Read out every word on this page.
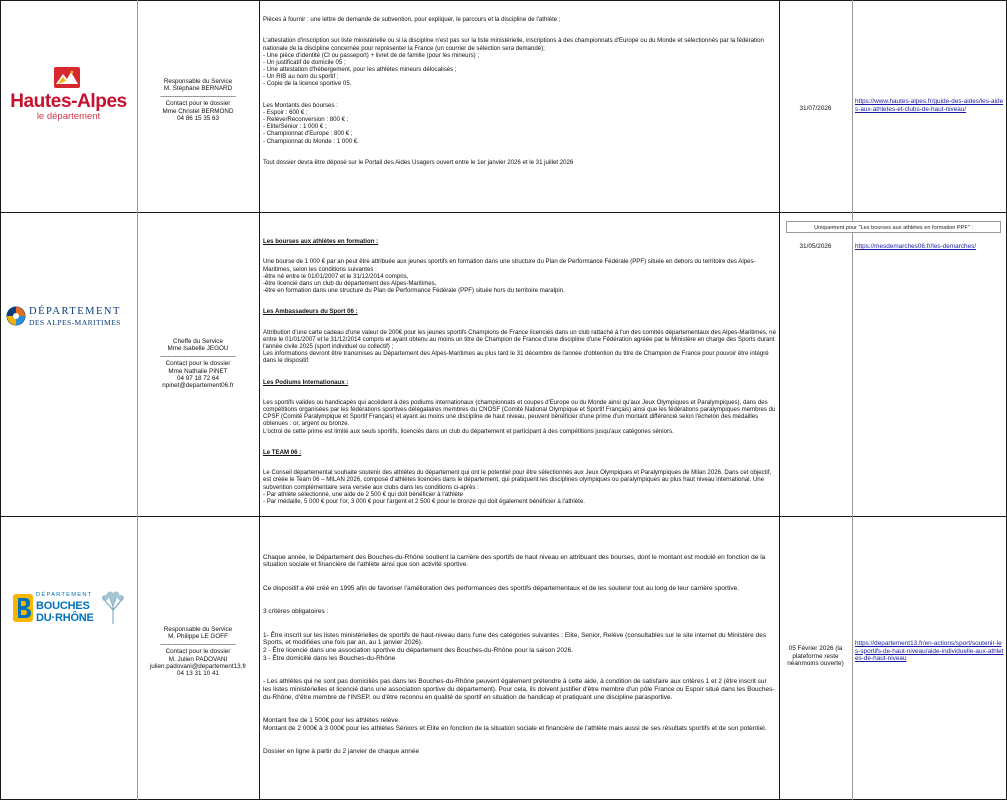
Hautes-Alpes
le département
Responsable du Service
M. Stéphane BERNARD
------------------------------------------
Contact pour le dossier
Mme Christel BERMOND
04 86 15 35 63

Pièces à fournir : une lettre de demande de subvention, pour expliquer, le parcours et la discipline de l'athlète ;

L'attestation d'inscription sur liste ministérielle ou si la discipline n'est pas sur la liste ministérielle, inscriptions à des championnats d'Europe ou du Monde et sélectionnés par la fédération nationale de la discipline concernée pour représenter la France (un courrier de sélection sera demandé);
- Une pièce d'identité (CI ou passeport) + livret de de famille (pour les mineurs) ;
- Un justificatif de domicile 05 ;
- Une attestation d'hébergement, pour les athlètes mineurs délocalisés ;
- Un RIB au nom du sportif ;
- Copie de la licence sportive 05.

Les Montants des bourses :
- Espoir : 600 € ;
- Relève/Reconversion : 800 € ;
- Elite/Sénior : 1 000 € ;
- Championnat d'Europe : 800 € ;
- Championnat du Monde : 1 000 €.

Tout dossier devra être déposé sur le Portail des Aides Usagers ouvert entre le 1er janvier 2026 et le 31 juillet 2026

31/07/2026
https://www.hautes-alpes.fr/guide-des-aides/les-aides-aux-athletes-et-clubs-de-haut-niveau/
DÉPARTEMENT
DES ALPES-MARITIMES
Cheffe du Service
Mme Isabelle JEGOU
------------------------------------------
Contact pour le dossier
Mme Nathalie PINET
04 97 18 72 64
npinet@departement06.fr

Les bourses aux athlètes en formation :

Une bourse de 1 000 € par an peut être attribuée aux jeunes sportifs en formation dans une structure du Plan de Performance Fédérale (PPF) située en dehors du territoire des Alpes-Maritimes, selon les conditions suivantes :
-être né entre le 01/01/2007 et le 31/12/2014 compris,
-être licencié dans un club du département des Alpes-Maritimes,
-être en formation dans une structure du Plan de Performance Fédérale (PPF) située hors du territoire maralpin.

Les Ambassadeurs du Sport 06 :

Attribution d'une carte cadeau d'une valeur de 200€ pour les jeunes sportifs Champions de France licenciés dans un club rattaché à l'un des comités départementaux des Alpes-Maritimes, né entre le 01/01/2007 et le 31/12/2014 compris et ayant obtenu au moins un titre de Champion de France d'une discipline d'une Fédération agréée par le Ministère en charge des Sports durant l'année civile 2025 (sport individuel ou collectif) ;
Les informations devront être transmises au Département des Alpes-Maritimes au plus tard le 31 décembre de l'année d'obtention du titre de Champion de France pour pouvoir être intégré dans le dispositif.

Les Podiums Internationaux :

Les sportifs valides ou handicapés qui accèdent à des podiums internationaux (championnats et coupes d'Europe ou du Monde ainsi qu'aux Jeux Olympiques et Paralympiques), dans des compétitions organisées par les fédérations sportives délégataires membres du CNOSF (Comité National Olympique et Sportif Français) ainsi que les fédérations paralympiques membres du CPSF (Comité Paralympique et Sportif Français) et ayant au moins une discipline de haut niveau, peuvent bénéficier d'une prime d'un montant différencié selon l'échelon des médailles obtenues : or, argent ou bronze.
L'octroi de cette prime est limité aux seuls sportifs, licenciés dans un club du département et participant à des compétitions jusqu'aux catégories séniors.

Le TEAM 06 :

Le Conseil départemental souhaite soutenir des athlètes du département qui ont le potentiel pour être sélectionnés aux Jeux Olympiques et Paralympiques de Milan 2026. Dans cet objectif, est créée le Team 06 – MILAN 2026, composé d'athlètes licenciés dans le département, qui pratiquent les disciplines olympiques ou paralympiques au plus haut niveau international. Une subvention complémentaire sera versée aux clubs dans les conditions ci-après :
- Par athlète sélectionné, une aide de 2 500 € qui doit bénéficier à l'athlète
- Par médaille, 5 000 € pour l'or, 3 000 € pour l'argent et 2 500 € pour le bronze qui doit également bénéficier à l'athlète.

31/05/2026	https://mesdemarches06.fr/les-demarches/
Uniquement pour "Les bourses aux athlètes en formation PPF" :
DÉPARTEMENT
BOUCHES
DU·RHÔNE
Responsable du Service
M. Philippe LE GOFF
------------------------------------------
Contact pour le dossier
M. Julien PADOVANI
julien.padovani@departement13.fr
04 13 31 10 41

Chaque année, le Département des Bouches-du-Rhône soutient la carrière des sportifs de haut niveau en attribuant des bourses, dont le montant est modulé en fonction de la situation sociale et financière de l'athlète ainsi que son activité sportive.

Ce dispositif a été créé en 1995 afin de favoriser l'amélioration des performances des sportifs départementaux et de les soutenir tout au long de leur carrière sportive.

3 critères obligatoires :

1- Être inscrit sur les listes ministérielles de sportifs de haut-niveau dans l'une des catégories suivantes : Elite, Senior, Relève (consultables sur le site internet du Ministère des Sports, et modifiées une fois par an, au 1 janvier 2026).
2 - Être licencié dans une association sportive du département des Bouches-du-Rhône pour la saison 2026.
3 - Être domicilié dans les Bouches-du-Rhône

- Les athlètes qui ne sont pas domiciliés pas dans les Bouches-du-Rhône peuvent également prétendre à cette aide, à condition de satisfaire aux critères 1 et 2 (être inscrit sur les listes ministérielles et licencié dans une association sportive du département). Pour cela, ils doivent justifier d'être membre d'un pôle France ou Espoir situé dans les Bouches-du-Rhône, d'être membre de l'INSEP, ou d'être reconnu en qualité de sportif en situation de handicap et pratiquant une discipline parasportive.

Montant fixe de 1 500€ pour les athlètes relève.
Montant de 2 000€ à 3 000€ pour les athlètes Séniors et Elite en fonction de la situation sociale et financière de l'athlète mais aussi de ses résultats sportifs et de son potentiel.

Dossier en ligne à partir du 2 janvier de chaque année

05 Février 2026 (la plateforme reste néanmoins ouverte)
https://departement13.fr/en-actions/sport/soutenir-les-sportifs-de-haut-niveau/aide-individuelle-aux-athletes-de-haut-niveau
